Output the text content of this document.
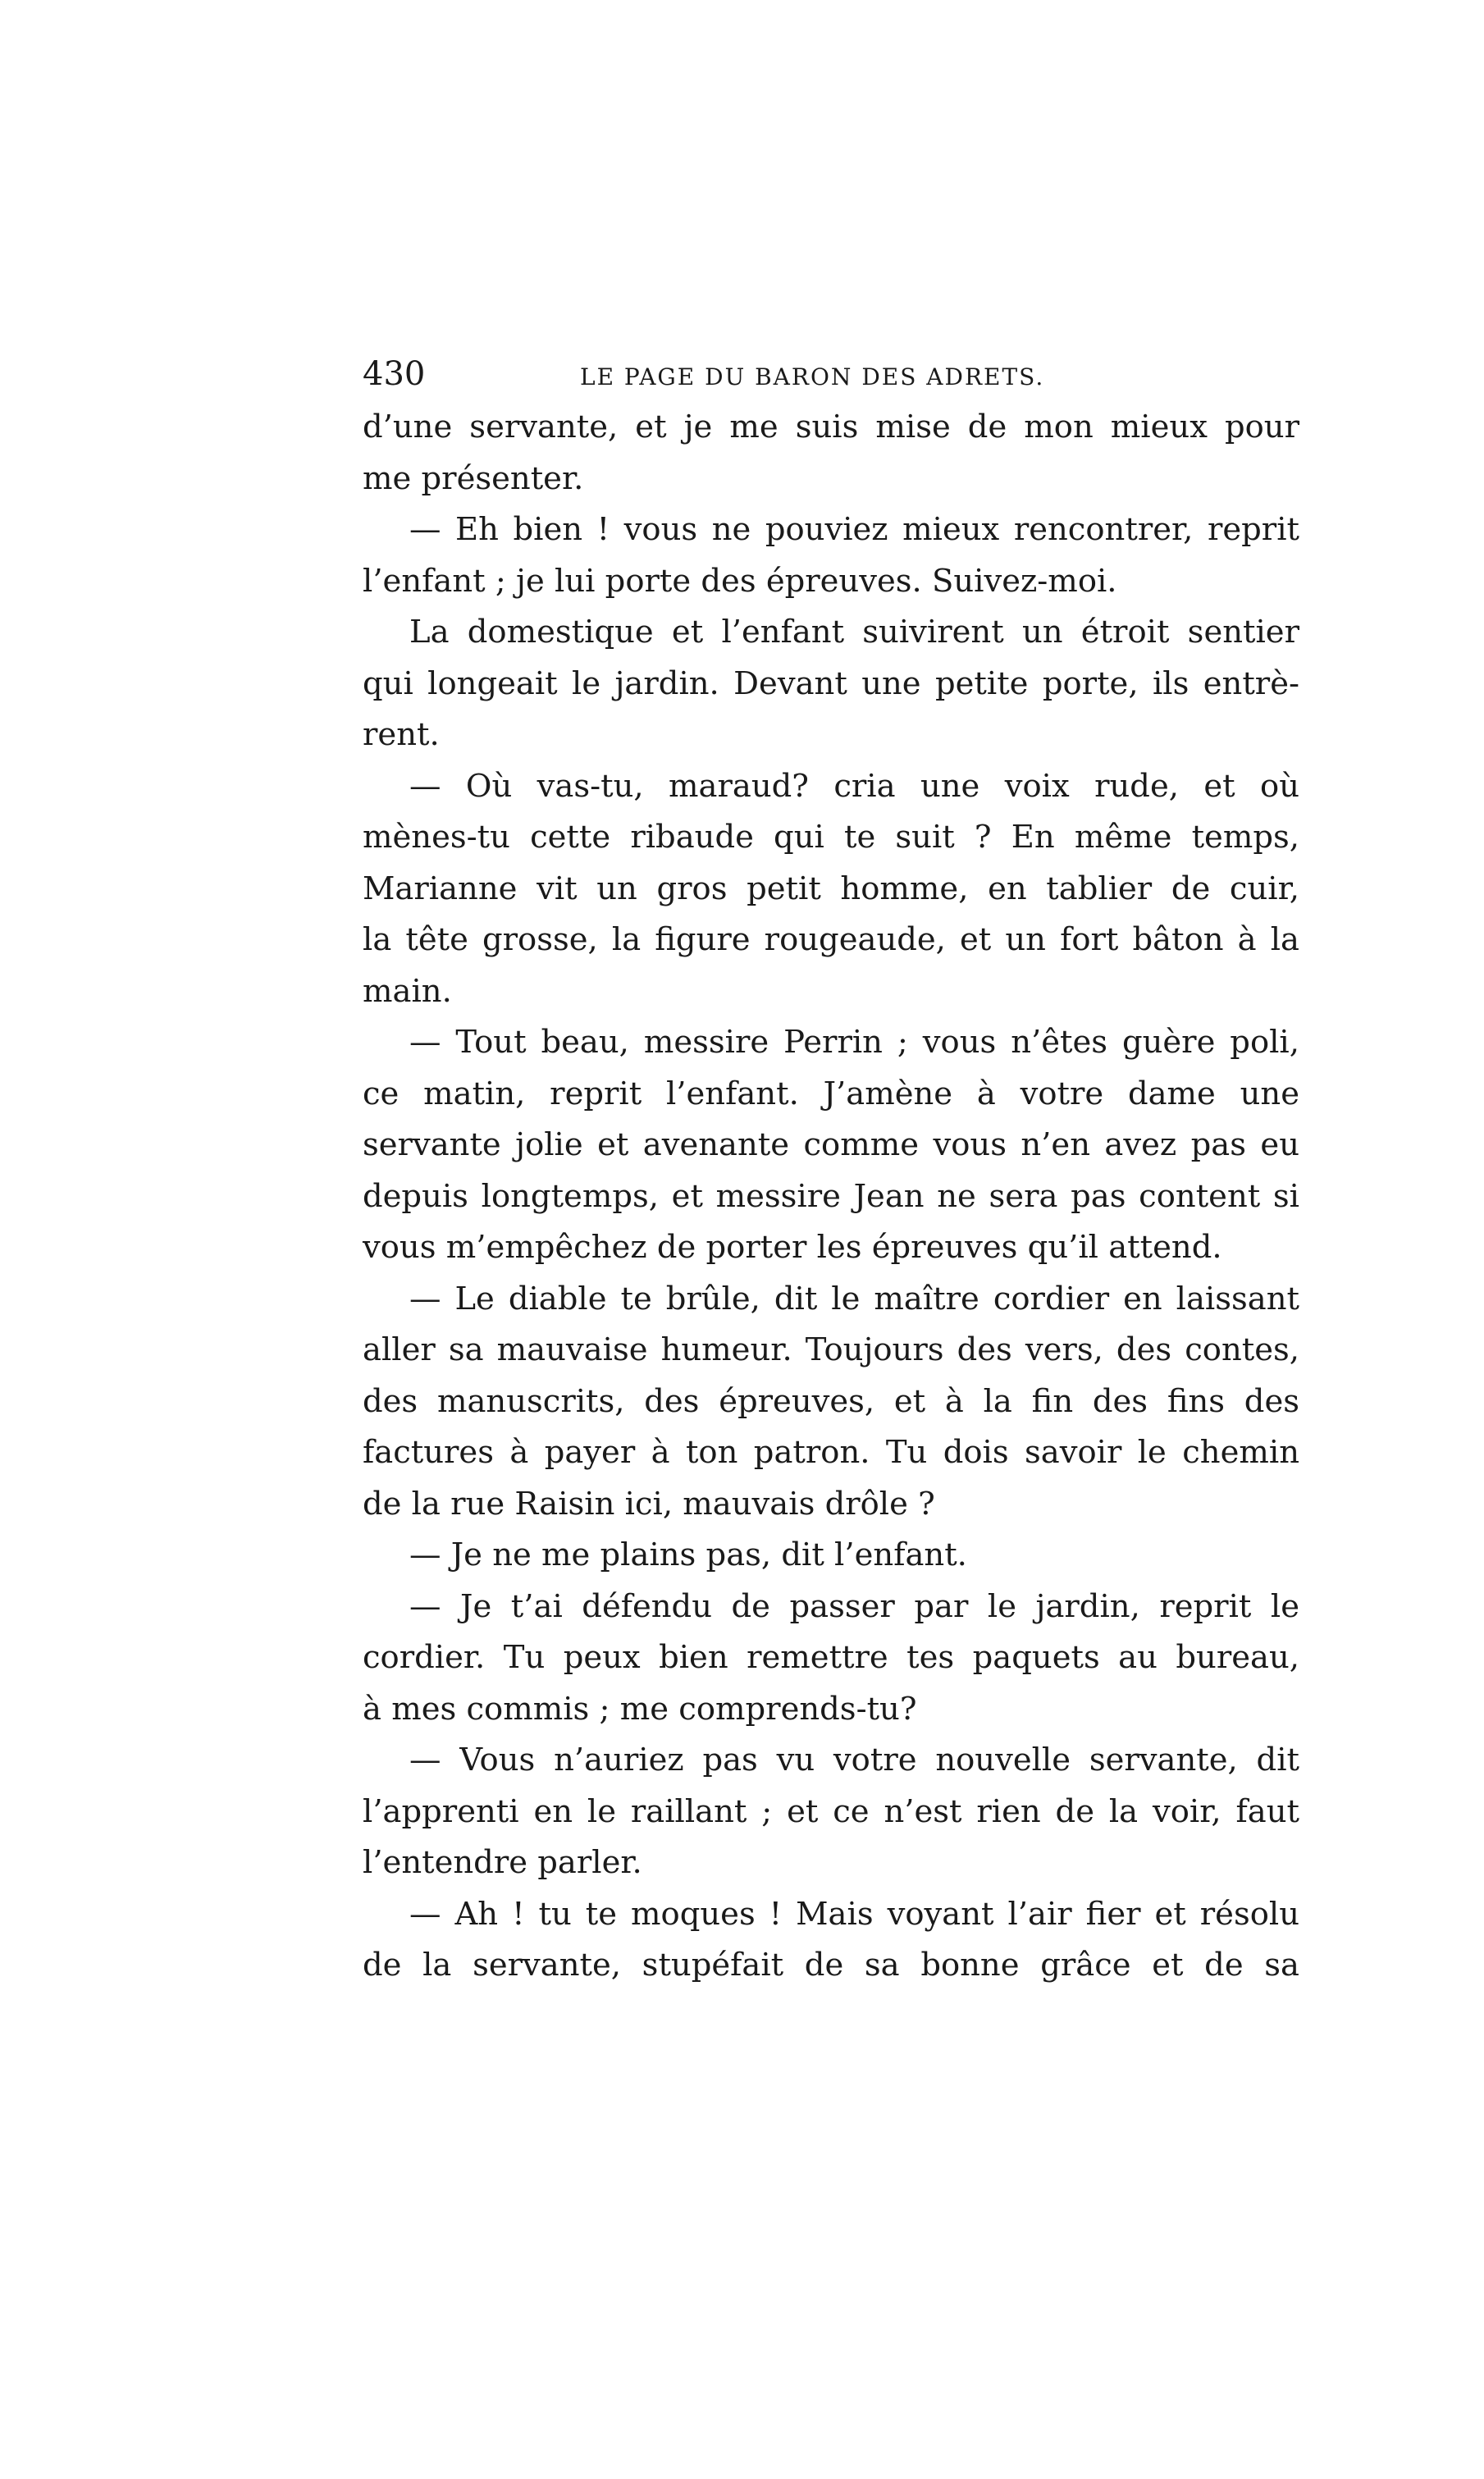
430	LE PAGE DU BARON DES ADRETS.
d’une servante, et je me suis mise de mon mieux pour
me présenter.
— Eh bien ! vous ne pouviez mieux rencontrer, reprit
l’enfant ; je lui porte des épreuves. Suivez-moi.
La domestique et l’enfant suivirent un étroit sentier
qui longeait le jardin. Devant une petite porte, ils entrè-
rent.
— Où vas-tu, maraud? cria une voix rude, et où
mènes-tu cette ribaude qui te suit ? En même temps,
Marianne vit un gros petit homme, en tablier de cuir,
la tête grosse, la figure rougeaude, et un fort bâton à la
main.
— Tout beau, messire Perrin ; vous n’êtes guère poli,
ce matin, reprit l’enfant. J’amène à votre dame une
servante jolie et avenante comme vous n’en avez pas eu
depuis longtemps, et messire Jean ne sera pas content si
vous m’empêchez de porter les épreuves qu’il attend.
— Le diable te brûle, dit le maître cordier en laissant
aller sa mauvaise humeur. Toujours des vers, des contes,
des manuscrits, des épreuves, et à la fin des fins des
factures à payer à ton patron. Tu dois savoir le chemin
de la rue Raisin ici, mauvais drôle ?
— Je ne me plains pas, dit l’enfant.
— Je t’ai défendu de passer par le jardin, reprit le
cordier. Tu peux bien remettre tes paquets au bureau,
à mes commis ; me comprends-tu?
— Vous n’auriez pas vu votre nouvelle servante, dit
l’apprenti en le raillant ; et ce n’est rien de la voir, faut
l’entendre parler.
— Ah ! tu te moques ! Mais voyant l’air fier et résolu
de la servante, stupéfait de sa bonne grâce et de sa
